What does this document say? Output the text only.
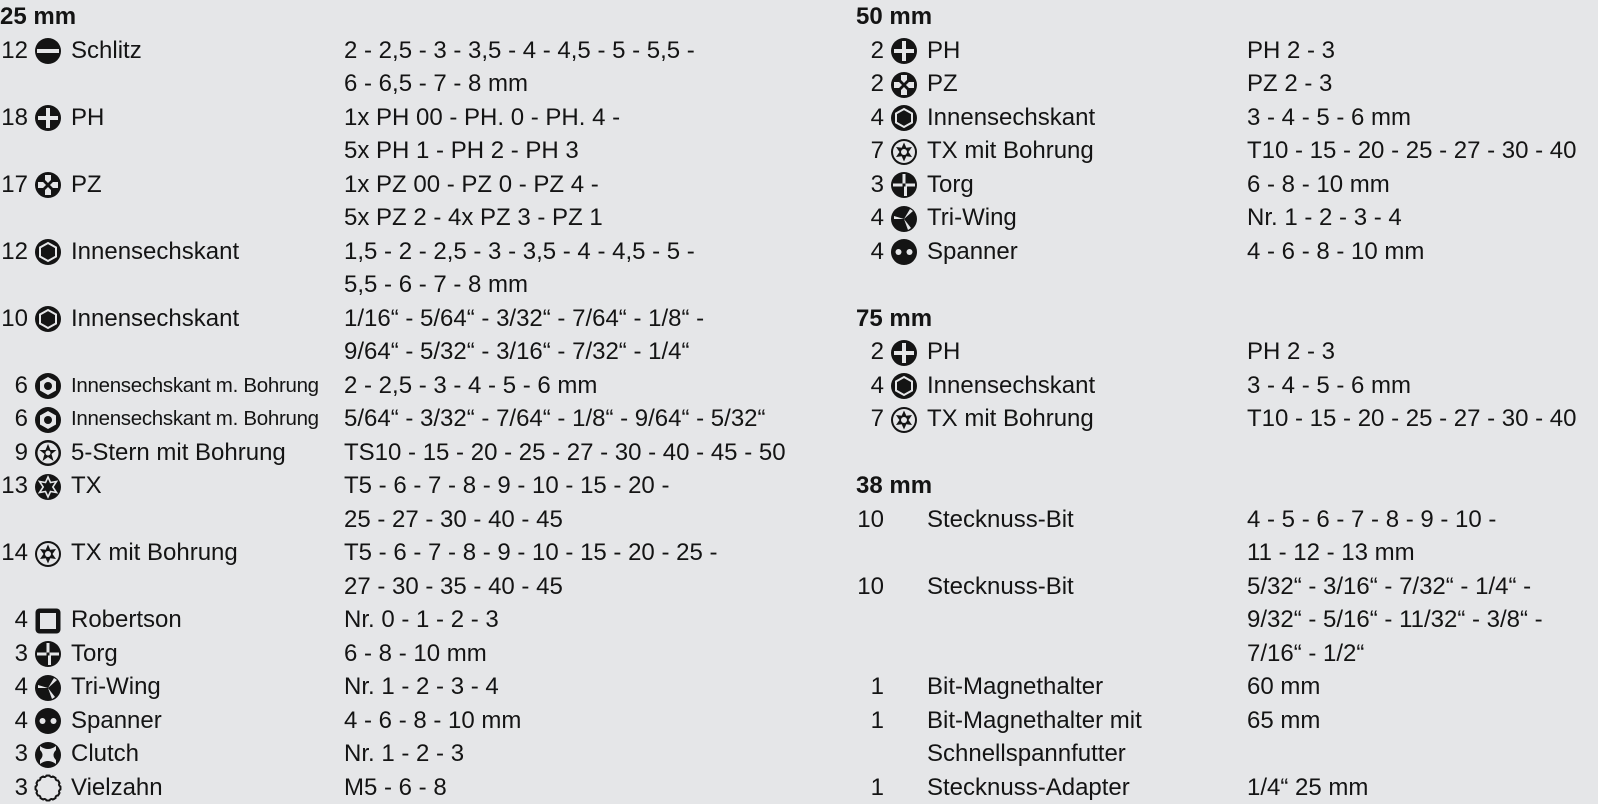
25 mm
12 Schlitz	2 - 2,5 - 3 - 3,5 - 4 - 4,5 - 5 - 5,5 -
6 - 6,5 - 7 - 8 mm
18 PH	1x PH 00 - PH. 0 - PH. 4 -
5x PH 1 - PH 2 - PH 3
17 PZ	1x PZ 00 - PZ 0 - PZ 4 -
5x PZ 2 - 4x PZ 3 - PZ 1
12 Innensechskant	1,5 - 2 - 2,5 - 3 - 3,5 - 4 - 4,5 - 5 -
5,5 - 6 - 7 - 8 mm
10 Innensechskant	1/16“ - 5/64“ - 3/32“ - 7/64“ - 1/8“ -
9/64“ - 5/32“ - 3/16“ - 7/32“ - 1/4“
6 Innensechskant m. Bohrung 2 - 2,5 - 3 - 4 - 5 - 6 mm
6 Innensechskant m. Bohrung 5/64“ - 3/32“ - 7/64“ - 1/8“ - 9/64“ - 5/32“
9 5-Stern mit Bohrung TS10 - 15 - 20 - 25 - 27 - 30 - 40 - 45 - 50
13 TX	T5 - 6 - 7 - 8 - 9 - 10 - 15 - 20 -
25 - 27 - 30 - 40 - 45
14 TX mit Bohrung	T5 - 6 - 7 - 8 - 9 - 10 - 15 - 20 - 25 -
27 - 30 - 35 - 40 - 45
4 Robertson	Nr. 0 - 1 - 2 - 3
3 Torg	6 - 8 - 10 mm
4 Tri-Wing	Nr. 1 - 2 - 3 - 4
4 Spanner	4 - 6 - 8 - 10 mm
3 Clutch	Nr. 1 - 2 - 3
3 Vielzahn	M5 - 6 - 8
50 mm
2 PH	PH 2 - 3
2 PZ	PZ 2 - 3
4 Innensechskant	3 - 4 - 5 - 6 mm
7 TX mit Bohrung	T10 - 15 - 20 - 25 - 27 - 30 - 40
3 Torg	6 - 8 - 10 mm
4 Tri-Wing	Nr. 1 - 2 - 3 - 4
4 Spanner	4 - 6 - 8 - 10 mm
75 mm
2 PH	PH 2 - 3
4 Innensechskant	3 - 4 - 5 - 6 mm
7 TX mit Bohrung	T10 - 15 - 20 - 25 - 27 - 30 - 40
38 mm
10 Stecknuss-Bit	4 - 5 - 6 - 7 - 8 - 9 - 10 -
11 - 12 - 13 mm
10 Stecknuss-Bit	5/32“ - 3/16“ - 7/32“ - 1/4“ -
9/32“ - 5/16“ - 11/32“ - 3/8“ -
7/16“ - 1/2“
1 Bit-Magnethalter	60 mm
1 Bit-Magnethalter mit
Schnellspannfutter
65 mm
1 Stecknuss-Adapter	1/4“ 25 mm
